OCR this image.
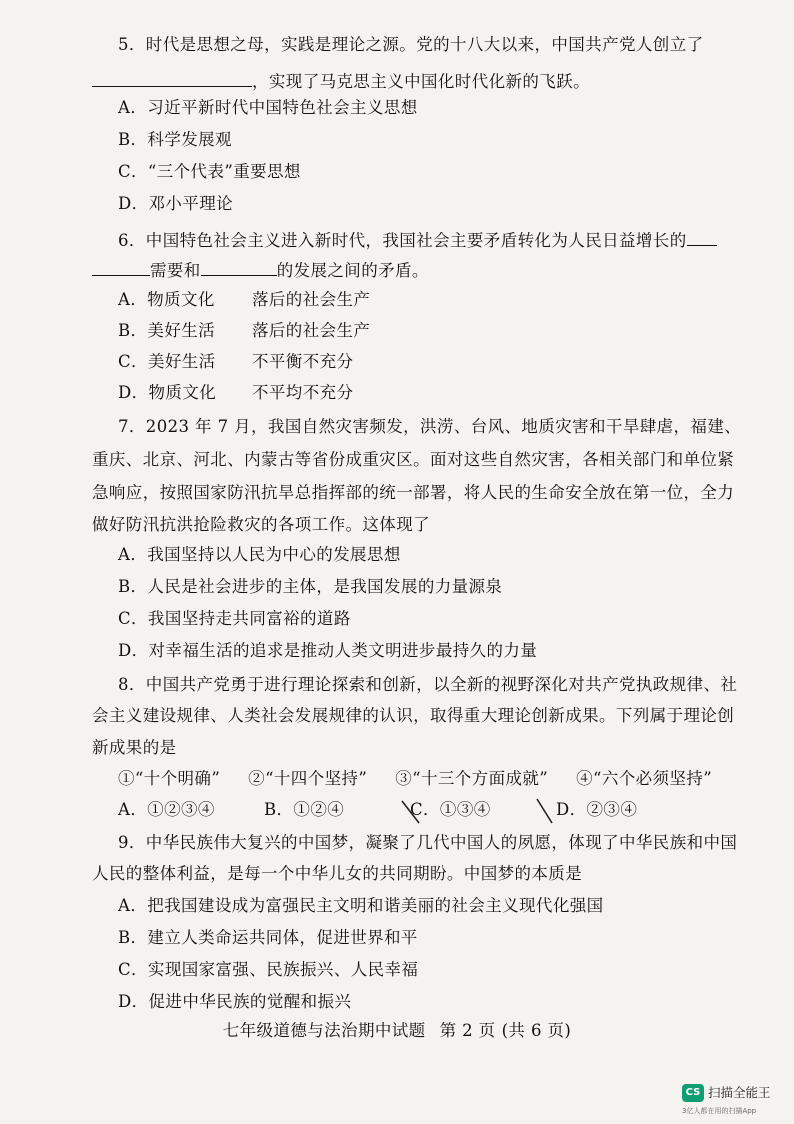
5．时代是思想之母，实践是理论之源。党的十八大以来，中国共产党人创立了
，实现了马克思主义中国化时代化新的飞跃。
A．习近平新时代中国特色社会主义思想
B．科学发展观
C．“三个代表”重要思想
D．邓小平理论
6．中国特色社会主义进入新时代，我国社会主要矛盾转化为人民日益增长的
需要和	的发展之间的矛盾。
A．物质文化 落后的社会生产
B．美好生活 落后的社会生产
C．美好生活 不平衡不充分
D．物质文化 不平均不充分
7．2023 年 7 月，我国自然灾害频发，洪涝、台风、地质灾害和干旱肆虐，福建、
重庆、北京、河北、内蒙古等省份成重灾区。面对这些自然灾害，各相关部门和单位紧
急响应，按照国家防汛抗旱总指挥部的统一部署，将人民的生命安全放在第一位，全力
做好防汛抗洪抢险救灾的各项工作。这体现了
A．我国坚持以人民为中心的发展思想
B．人民是社会进步的主体，是我国发展的力量源泉
C．我国坚持走共同富裕的道路
D．对幸福生活的追求是推动人类文明进步最持久的力量
8．中国共产党勇于进行理论探索和创新，以全新的视野深化对共产党执政规律、社
会主义建设规律、人类社会发展规律的认识，取得重大理论创新成果。下列属于理论创
新成果的是
①“十个明确” ②“十四个坚持” ③“十三个方面成就” ④“六个必须坚持”
A．①②③④	B．①②④	C．①③④	D．②③④
9．中华民族伟大复兴的中国梦，凝聚了几代中国人的夙愿，体现了中华民族和中国
人民的整体利益，是每一个中华儿女的共同期盼。中国梦的本质是
A．把我国建设成为富强民主文明和谐美丽的社会主义现代化强国
B．建立人类命运共同体，促进世界和平
C．实现国家富强、民族振兴、人民幸福
D．促进中华民族的觉醒和振兴
七年级道德与法治期中试题 第 2 页 (共 6 页)
CS 扫描全能王
3亿人都在用的扫描App
